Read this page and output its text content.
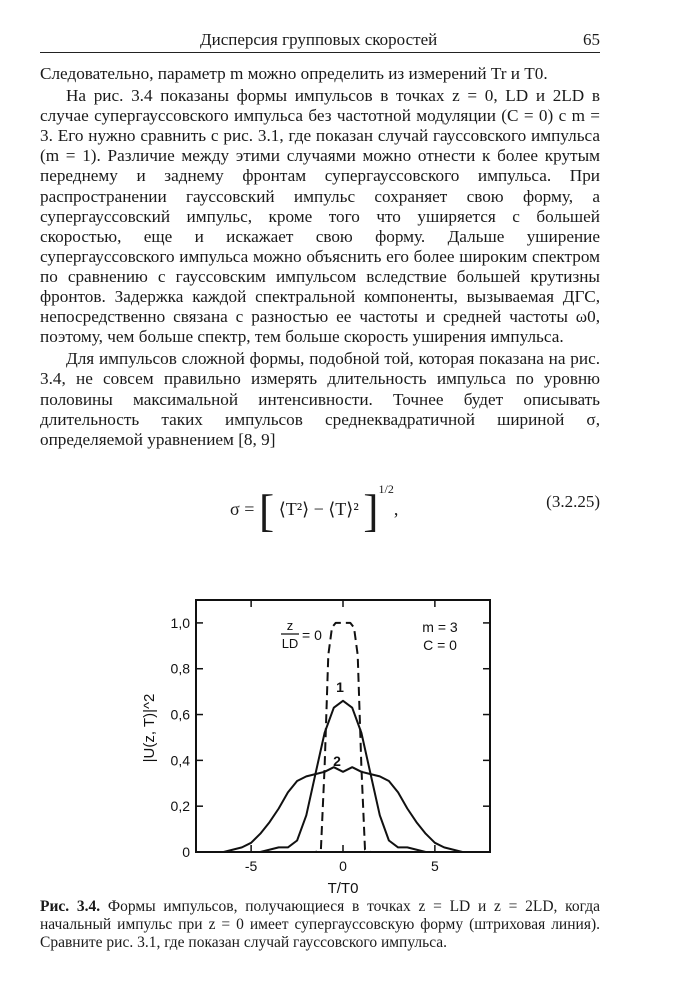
Дисперсия групповых скоростей	65

Следовательно, параметр m можно определить из измерений Tr и T0.

На рис. 3.4 показаны формы импульсов в точках z = 0, LD и 2LD в случае супергауссовского импульса без частотной модуляции (C = 0) с m = 3. Его нужно сравнить с рис. 3.1, где показан случай гауссовского импульса (m = 1). Различие между этими случаями можно отнести к более крутым переднему и заднему фронтам супергауссовского импульса. При распространении гауссовский импульс сохраняет свою форму, а супергауссовский импульс, кроме того что уширяется с большей скоростью, еще и искажает свою форму. Дальше уширение супергауссовского импульса можно объяснить его более широким спектром по сравнению с гауссовским импульсом вследствие большей крутизны фронтов. Задержка каждой спектральной компоненты, вызываемая ДГС, непосредственно связана с разностью ее частоты и средней частоты ω0, поэтому, чем больше спектр, тем больше скорость уширения импульса.

Для импульсов сложной формы, подобной той, которая показана на рис. 3.4, не совсем правильно измерять длительность импульса по уровню половины максимальной интенсивности. Точнее будет описывать длительность таких импульсов среднеквадратичной шириной σ, определяемой уравнением [8, 9]

σ = [ ⟨T²⟩ − ⟨T⟩² ]$^{1/2}$,	(3.2.25)
0
0,2
0,4
0,6
0,8
1,0
-5	0	5
|U(z, T)|^2
T/T0
z
LD
= 0	m = 3
C = 0
1
2
Рис. 3.4. Формы импульсов, получающиеся в точках z = LD и z = 2LD, когда начальный импульс при z = 0 имеет супергауссовскую форму (штриховая линия). Сравните рис. 3.1, где показан случай гауссовского импульса.
